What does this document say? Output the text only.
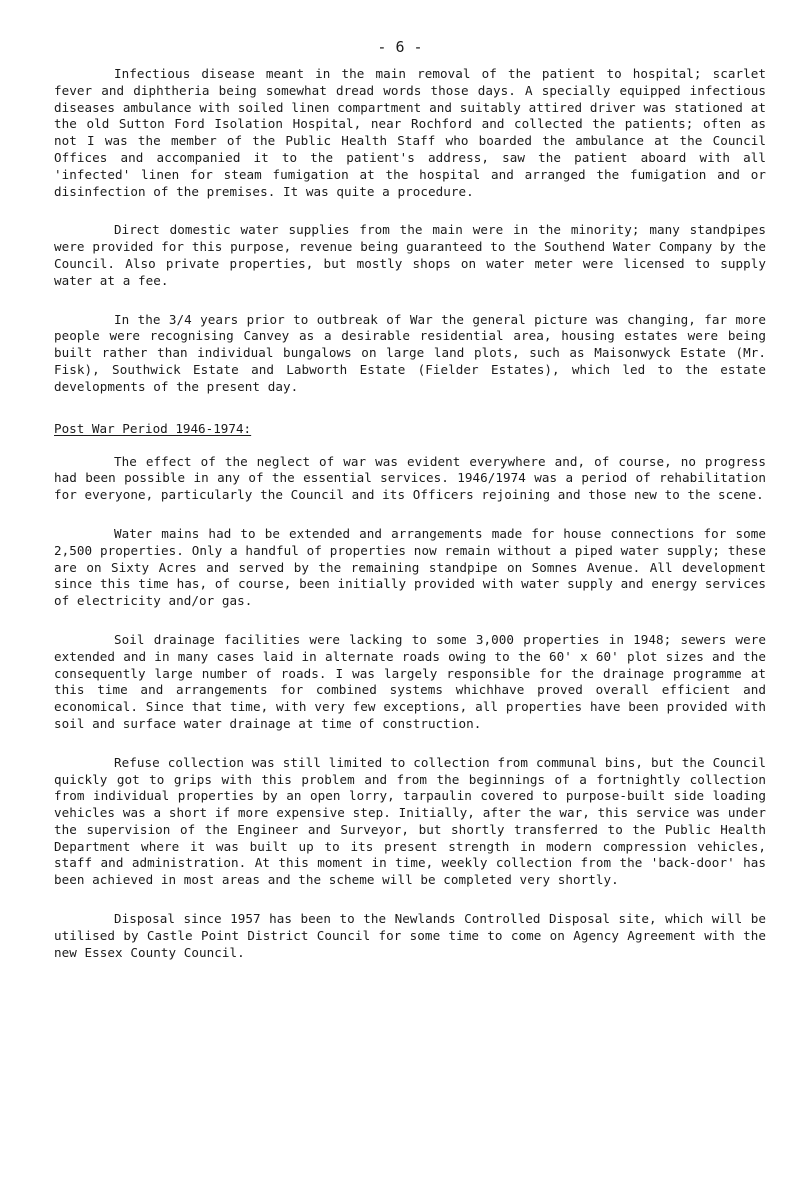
- 6 -

Infectious disease meant in the main removal of the patient to hospital; scarlet fever and diphtheria being somewhat dread words those days. A specially equipped infectious diseases ambulance with soiled linen compartment and suitably attired driver was stationed at the old Sutton Ford Isolation Hospital, near Rochford and collected the patients; often as not I was the member of the Public Health Staff who boarded the ambulance at the Council Offices and accompanied it to the patient's address, saw the patient aboard with all 'infected' linen for steam fumigation at the hospital and arranged the fumigation and or disinfection of the premises. It was quite a procedure.

Direct domestic water supplies from the main were in the minority; many standpipes were provided for this purpose, revenue being guaranteed to the Southend Water Company by the Council. Also private properties, but mostly shops on water meter were licensed to supply water at a fee.

In the 3/4 years prior to outbreak of War the general picture was changing, far more people were recognising Canvey as a desirable residential area, housing estates were being built rather than individual bungalows on large land plots, such as Maisonwyck Estate (Mr. Fisk), Southwick Estate and Labworth Estate (Fielder Estates), which led to the estate developments of the present day.

Post War Period 1946-1974:

The effect of the neglect of war was evident everywhere and, of course, no progress had been possible in any of the essential services. 1946/1974 was a period of rehabilitation for everyone, particularly the Council and its Officers rejoining and those new to the scene.

Water mains had to be extended and arrangements made for house connections for some 2,500 properties. Only a handful of properties now remain without a piped water supply; these are on Sixty Acres and served by the remaining standpipe on Somnes Avenue. All development since this time has, of course, been initially provided with water supply and energy services of electricity and/or gas.

Soil drainage facilities were lacking to some 3,000 properties in 1948; sewers were extended and in many cases laid in alternate roads owing to the 60' x 60' plot sizes and the consequently large number of roads. I was largely responsible for the drainage programme at this time and arrangements for combined systems whichhave proved overall efficient and economical. Since that time, with very few exceptions, all properties have been provided with soil and surface water drainage at time of construction.

Refuse collection was still limited to collection from communal bins, but the Council quickly got to grips with this problem and from the beginnings of a fortnightly collection from individual properties by an open lorry, tarpaulin covered to purpose-built side loading vehicles was a short if more expensive step. Initially, after the war, this service was under the supervision of the Engineer and Surveyor, but shortly transferred to the Public Health Department where it was built up to its present strength in modern compression vehicles, staff and administration. At this moment in time, weekly collection from the 'back-door' has been achieved in most areas and the scheme will be completed very shortly.

Disposal since 1957 has been to the Newlands Controlled Disposal site, which will be utilised by Castle Point District Council for some time to come on Agency Agreement with the new Essex County Council.
